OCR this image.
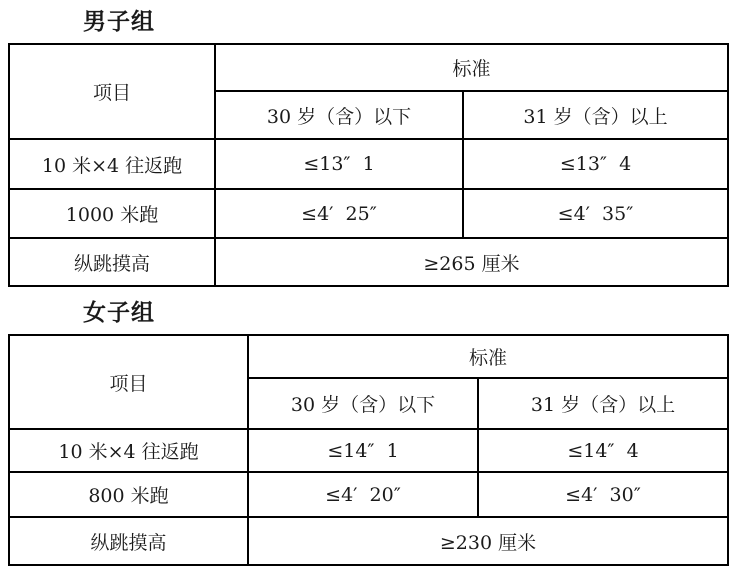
男子组
项目	标准	
	30 岁（含）以下	31 岁（含）以上
10 米×4 往返跑	≤13″  1	≤13″  4
1000 米跑	≤4′  25″	≤4′  35″
纵跳摸高	≥265 厘米	
女子组
项目	标准	
	30 岁（含）以下	31 岁（含）以上
10 米×4 往返跑	≤14″  1	≤14″  4
800 米跑	≤4′  20″	≤4′  30″
纵跳摸高	≥230 厘米	
